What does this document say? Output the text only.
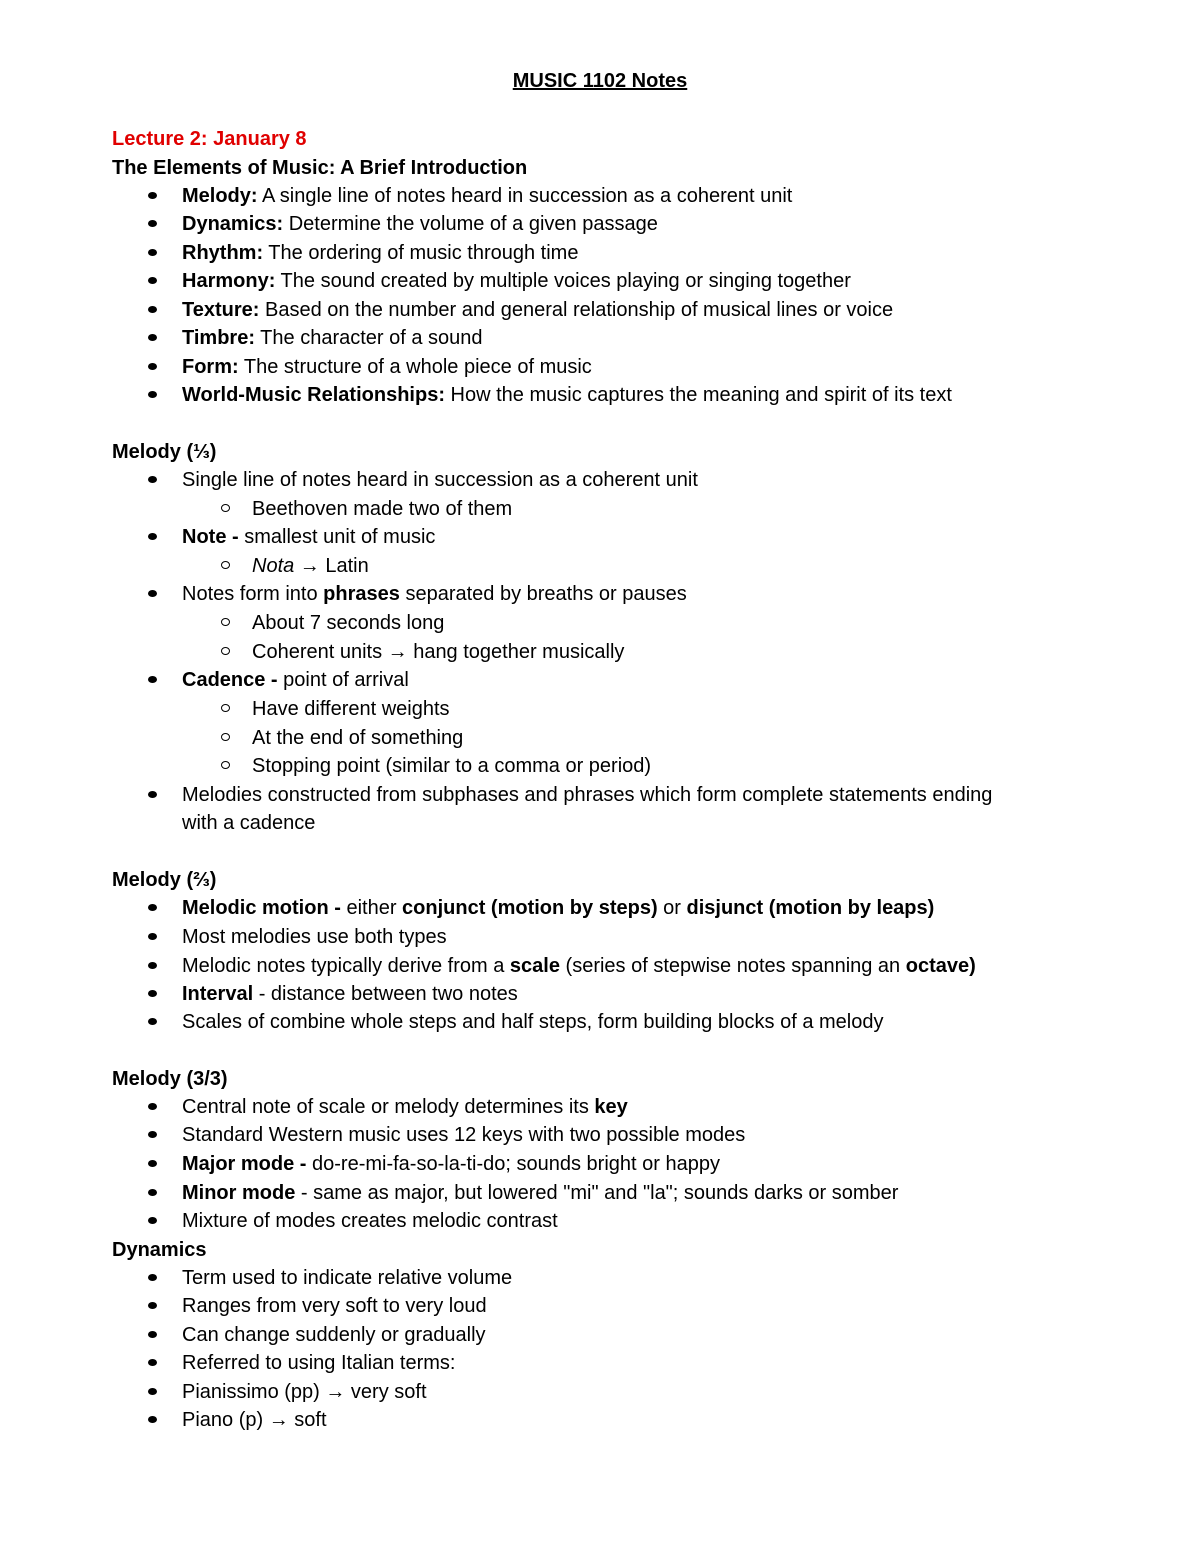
MUSIC 1102 Notes
Lecture 2: January 8
The Elements of Music: A Brief Introduction
Melody: A single line of notes heard in succession as a coherent unit
Dynamics: Determine the volume of a given passage
Rhythm: The ordering of music through time
Harmony: The sound created by multiple voices playing or singing together
Texture: Based on the number and general relationship of musical lines or voice
Timbre: The character of a sound
Form: The structure of a whole piece of music
World-Music Relationships: How the music captures the meaning and spirit of its text
Melody (⅓)
Single line of notes heard in succession as a coherent unit
Beethoven made two of them
Note - smallest unit of music
Nota → Latin
Notes form into phrases separated by breaths or pauses
About 7 seconds long
Coherent units → hang together musically
Cadence - point of arrival
Have different weights
At the end of something
Stopping point (similar to a comma or period)
Melodies constructed from subphases and phrases which form complete statements ending
with a cadence
Melody (⅔)
Melodic motion - either conjunct (motion by steps) or disjunct (motion by leaps)
Most melodies use both types
Melodic notes typically derive from a scale (series of stepwise notes spanning an octave)
Interval - distance between two notes
Scales of combine whole steps and half steps, form building blocks of a melody
Melody (3/3)
Central note of scale or melody determines its key
Standard Western music uses 12 keys with two possible modes
Major mode - do-re-mi-fa-so-la-ti-do; sounds bright or happy
Minor mode - same as major, but lowered "mi" and "la"; sounds darks or somber
Mixture of modes creates melodic contrast
Dynamics
Term used to indicate relative volume
Ranges from very soft to very loud
Can change suddenly or gradually
Referred to using Italian terms:
Pianissimo (pp) → very soft
Piano (p) → soft
